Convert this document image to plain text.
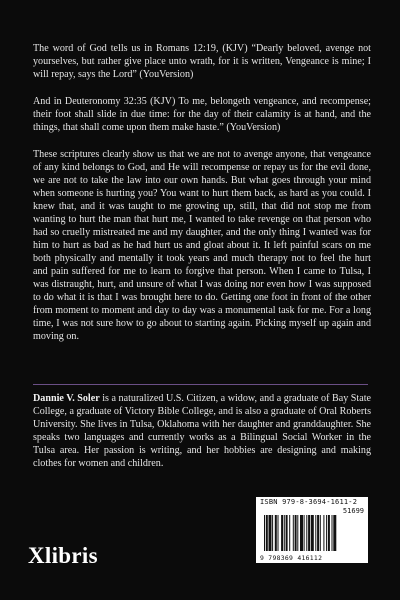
The word of God tells us in Romans 12:19, (KJV) “Dearly beloved, avenge not yourselves, but rather give place unto wrath, for it is written, Vengeance is mine; I will repay, says the Lord” (YouVersion)

And in Deuteronomy 32:35 (KJV) To me, belongeth vengeance, and recompense; their foot shall slide in due time: for the day of their calamity is at hand, and the things, that shall come upon them make haste.” (YouVersion)

These scriptures clearly show us that we are not to avenge anyone, that vengeance of any kind belongs to God, and He will recompense or repay us for the evil done, we are not to take the law into our own hands. But what goes through your mind when someone is hurting you? You want to hurt them back, as hard as you could. I knew that, and it was taught to me growing up, still, that did not stop me from wanting to hurt the man that hurt me, I wanted to take revenge on that person who had so cruelly mistreated me and my daughter, and the only thing I wanted was for him to hurt as bad as he had hurt us and gloat about it. It left painful scars on me both physically and mentally it took years and much therapy not to feel the hurt and pain suffered for me to learn to forgive that person. When I came to Tulsa, I was distraught, hurt, and unsure of what I was doing nor even how I was supposed to do what it is that I was brought here to do. Getting one foot in front of the other from moment to moment and day to day was a monumental task for me. For a long time, I was not sure how to go about to starting again. Picking myself up again and moving on.

Dannie V. Soler is a naturalized U.S. Citizen, a widow, and a graduate of Bay State College, a graduate of Victory Bible College, and is also a graduate of Oral Roberts University. She lives in Tulsa, Oklahoma with her daughter and granddaughter. She speaks two languages and currently works as a Bilingual Social Worker in the Tulsa area. Her passion is writing, and her hobbies are designing and making clothes for women and children.
ISBN 979-8-3694-1611-2
51699
9 798369 416112
Xlibris
